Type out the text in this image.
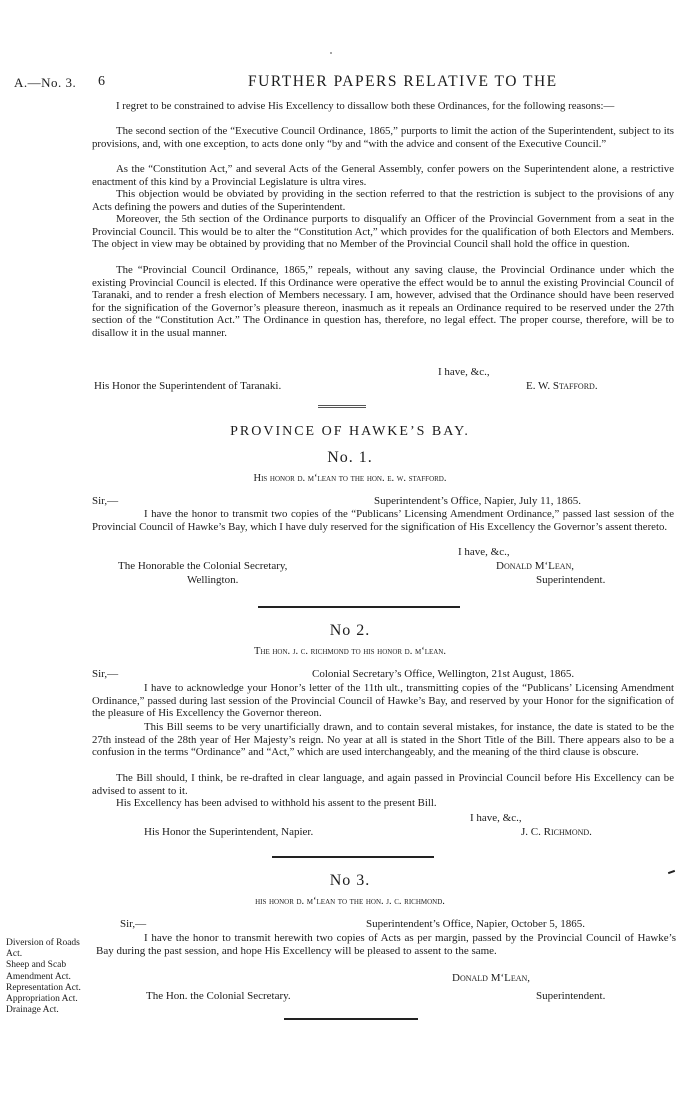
A.—No. 3. 6	FURTHER PAPERS RELATIVE TO THE

I regret to be constrained to advise His Excellency to dissallow both these Ordinances, for the following reasons:—

The second section of the “Executive Council Ordinance, 1865,” purports to limit the action of the Superintendent, subject to its provisions, and, with one exception, to acts done only “by and “with the advice and consent of the Executive Council.”

As the “Constitution Act,” and several Acts of the General Assembly, confer powers on the Superintendent alone, a restrictive enactment of this kind by a Provincial Legislature is ultra vires.

This objection would be obviated by providing in the section referred to that the restriction is subject to the provisions of any Acts defining the powers and duties of the Superintendent.

Moreover, the 5th section of the Ordinance purports to disqualify an Officer of the Provincial Government from a seat in the Provincial Council. This would be to alter the “Constitution Act,” which provides for the qualification of both Electors and Members. The object in view may be obtained by providing that no Member of the Provincial Council shall hold the office in question.

The “Provincial Council Ordinance, 1865,” repeals, without any saving clause, the Provincial Ordinance under which the existing Provincial Council is elected. If this Ordinance were operative the effect would be to annul the existing Provincial Council of Taranaki, and to render a fresh election of Members necessary. I am, however, advised that the Ordinance should have been reserved for the signification of the Governor’s pleasure thereon, inasmuch as it repeals an Ordinance required to be reserved under the 27th section of the “Constitution Act.” The Ordinance in question has, therefore, no legal effect. The proper course, therefore, will be to disallow it in the usual manner.

I have, &c.,

His Honor the Superintendent of Taranaki.	E. W. Stafford.

PROVINCE OF HAWKE’S BAY.

No. 1.

His honor d. m‘lean to the hon. e. w. stafford.

Sir,—	Superintendent’s Office, Napier, July 11, 1865.

I have the honor to transmit two copies of the “Publicans’ Licensing Amendment Ordinance,” passed last session of the Provincial Council of Hawke’s Bay, which I have duly reserved for the signification of His Excellency the Governor’s assent thereto.

I have, &c.,

The Honorable the Colonial Secretary,

Wellington.

Donald M‘Lean,

Superintendent.

No 2.

The hon. j. c. richmond to his honor d. m‘lean.

Sir,—	Colonial Secretary’s Office, Wellington, 21st August, 1865.

I have to acknowledge your Honor’s letter of the 11th ult., transmitting copies of the “Publicans’ Licensing Amendment Ordinance,” passed during last session of the Provincial Council of Hawke’s Bay, and reserved by your Honor for the signification of the pleasure of His Excellency the Governor thereon.

This Bill seems to be very unartificially drawn, and to contain several mistakes, for instance, the date is stated to be the 27th instead of the 28th year of Her Majesty’s reign. No year at all is stated in the Short Title of the Bill. There appears also to be a confusion in the terms “Ordinance” and “Act,” which are used interchangeably, and the meaning of the third clause is obscure.

The Bill should, I think, be re-drafted in clear language, and again passed in Provincial Council before His Excellency can be advised to assent to it.

His Excellency has been advised to withhold his assent to the present Bill.

I have, &c.,

His Honor the Superintendent, Napier.	J. C. Richmond.

No 3.

his honor d. m‘lean to the hon. j. c. richmond.

Sir,—	Superintendent’s Office, Napier, October 5, 1865.

I have the honor to transmit herewith two copies of Acts as per margin, passed by the Provincial Council of Hawke’s Bay during the past session, and hope His Excellency will be pleased to assent to the same.

Donald M‘Lean,

The Hon. the Colonial Secretary.	Superintendent.

Diversion of Roads Act.
Sheep and Scab Amendment Act.
Representation Act.
Appropriation Act.
Drainage Act.
